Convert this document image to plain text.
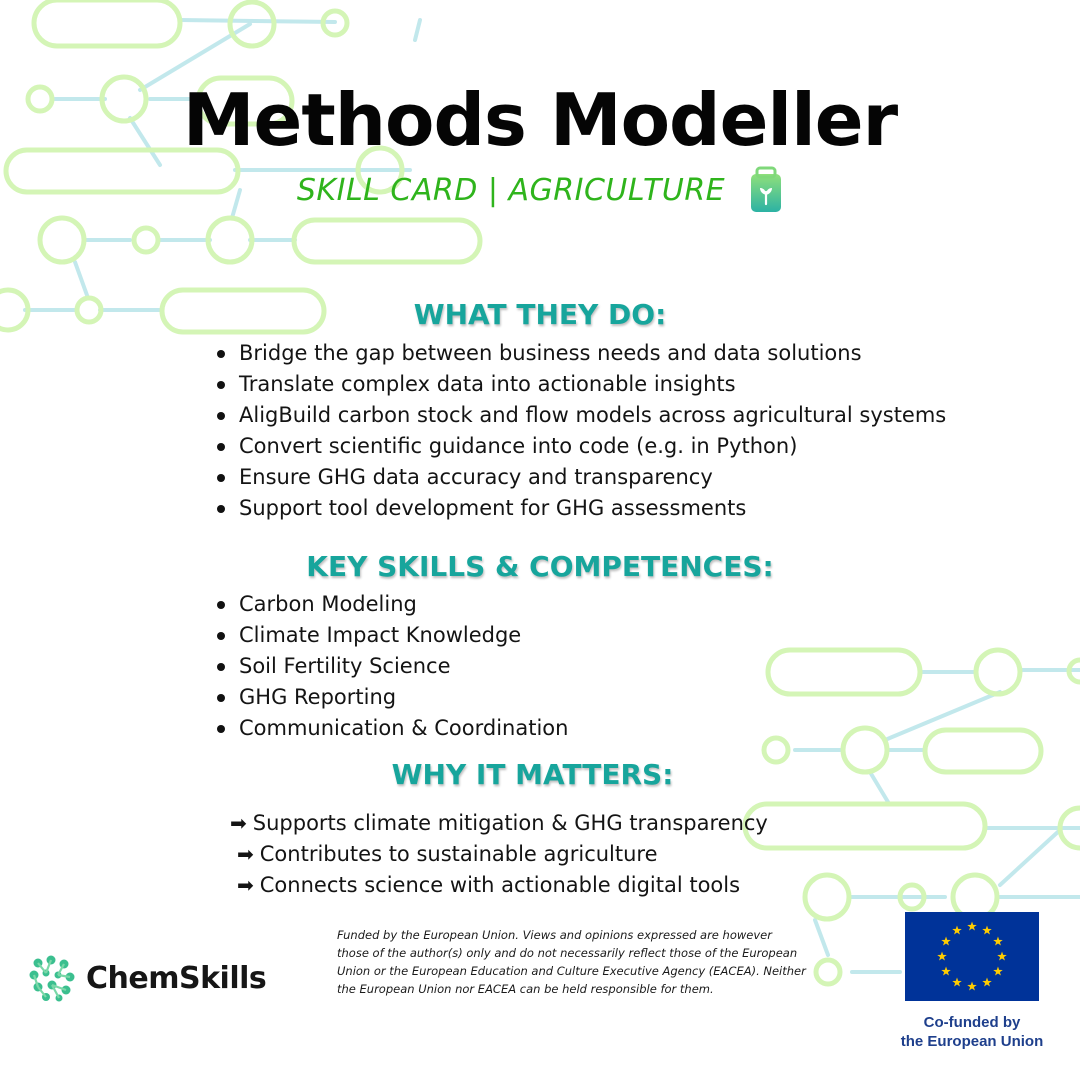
Methods Modeller
SKILL CARD | AGRICULTURE
WHAT THEY DO:
Bridge the gap between business needs and data solutions
Translate complex data into actionable insights
AligBuild carbon stock and flow models across agricultural systems
Convert scientific guidance into code (e.g. in Python)
Ensure GHG data accuracy and transparency
Support tool development for GHG assessments
KEY SKILLS & COMPETENCES:
Carbon Modeling
Climate Impact Knowledge
Soil Fertility Science
GHG Reporting
Communication & Coordination
WHY IT MATTERS:
➡ Supports climate mitigation & GHG transparency
➡ Contributes to sustainable agriculture
➡ Connects science with actionable digital tools
ChemSkills

Funded by the European Union. Views and opinions expressed are however those of the author(s) only and do not necessarily reflect those of the European Union or the European Education and Culture Executive Agency (EACEA). Neither the European Union nor EACEA can be held responsible for them.

Co-funded by
the European Union
